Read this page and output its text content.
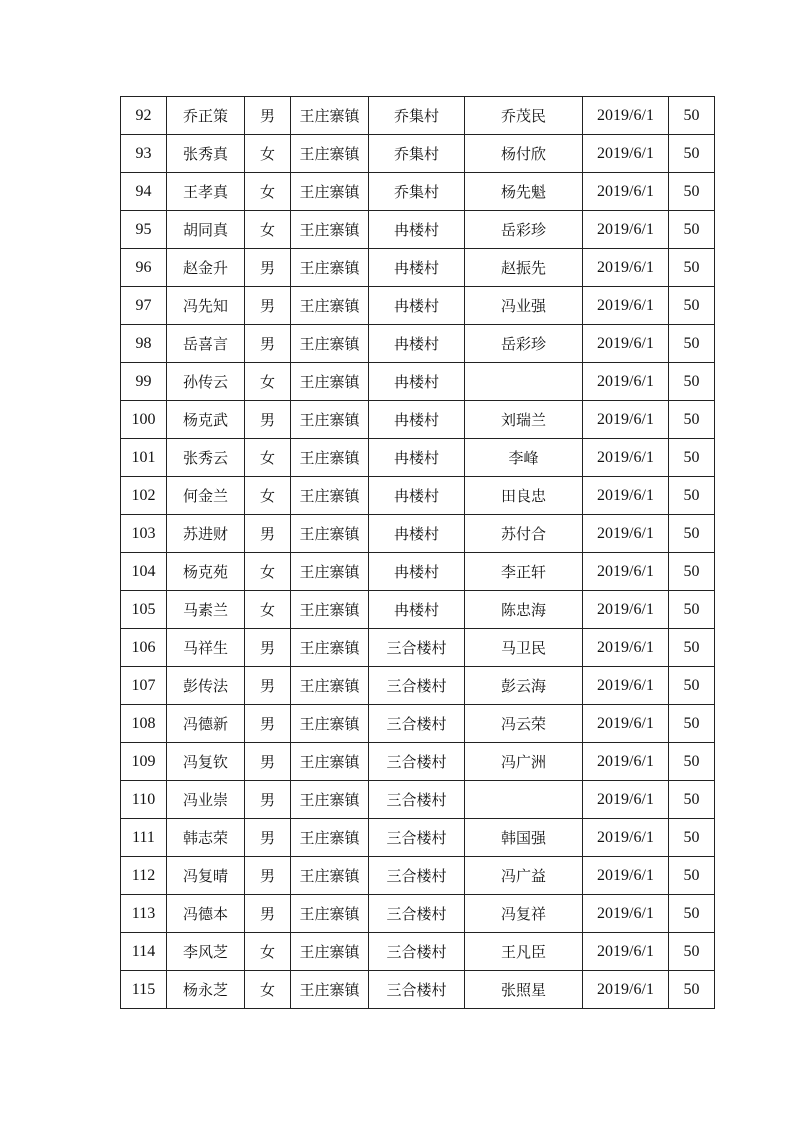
92	乔正策	男	王庄寨镇	乔集村	乔茂民	2019/6/1	50
93	张秀真	女	王庄寨镇	乔集村	杨付欣	2019/6/1	50
94	王孝真	女	王庄寨镇	乔集村	杨先魁	2019/6/1	50
95	胡同真	女	王庄寨镇	冉楼村	岳彩珍	2019/6/1	50
96	赵金升	男	王庄寨镇	冉楼村	赵振先	2019/6/1	50
97	冯先知	男	王庄寨镇	冉楼村	冯业强	2019/6/1	50
98	岳喜言	男	王庄寨镇	冉楼村	岳彩珍	2019/6/1	50
99	孙传云	女	王庄寨镇	冉楼村		2019/6/1	50
100	杨克武	男	王庄寨镇	冉楼村	刘瑞兰	2019/6/1	50
101	张秀云	女	王庄寨镇	冉楼村	李峰	2019/6/1	50
102	何金兰	女	王庄寨镇	冉楼村	田良忠	2019/6/1	50
103	苏进财	男	王庄寨镇	冉楼村	苏付合	2019/6/1	50
104	杨克苑	女	王庄寨镇	冉楼村	李正轩	2019/6/1	50
105	马素兰	女	王庄寨镇	冉楼村	陈忠海	2019/6/1	50
106	马祥生	男	王庄寨镇	三合楼村	马卫民	2019/6/1	50
107	彭传法	男	王庄寨镇	三合楼村	彭云海	2019/6/1	50
108	冯德新	男	王庄寨镇	三合楼村	冯云荣	2019/6/1	50
109	冯复钦	男	王庄寨镇	三合楼村	冯广洲	2019/6/1	50
110	冯业崇	男	王庄寨镇	三合楼村		2019/6/1	50
111	韩志荣	男	王庄寨镇	三合楼村	韩国强	2019/6/1	50
112	冯复晴	男	王庄寨镇	三合楼村	冯广益	2019/6/1	50
113	冯德本	男	王庄寨镇	三合楼村	冯复祥	2019/6/1	50
114	李风芝	女	王庄寨镇	三合楼村	王凡臣	2019/6/1	50
115	杨永芝	女	王庄寨镇	三合楼村	张照星	2019/6/1	50
